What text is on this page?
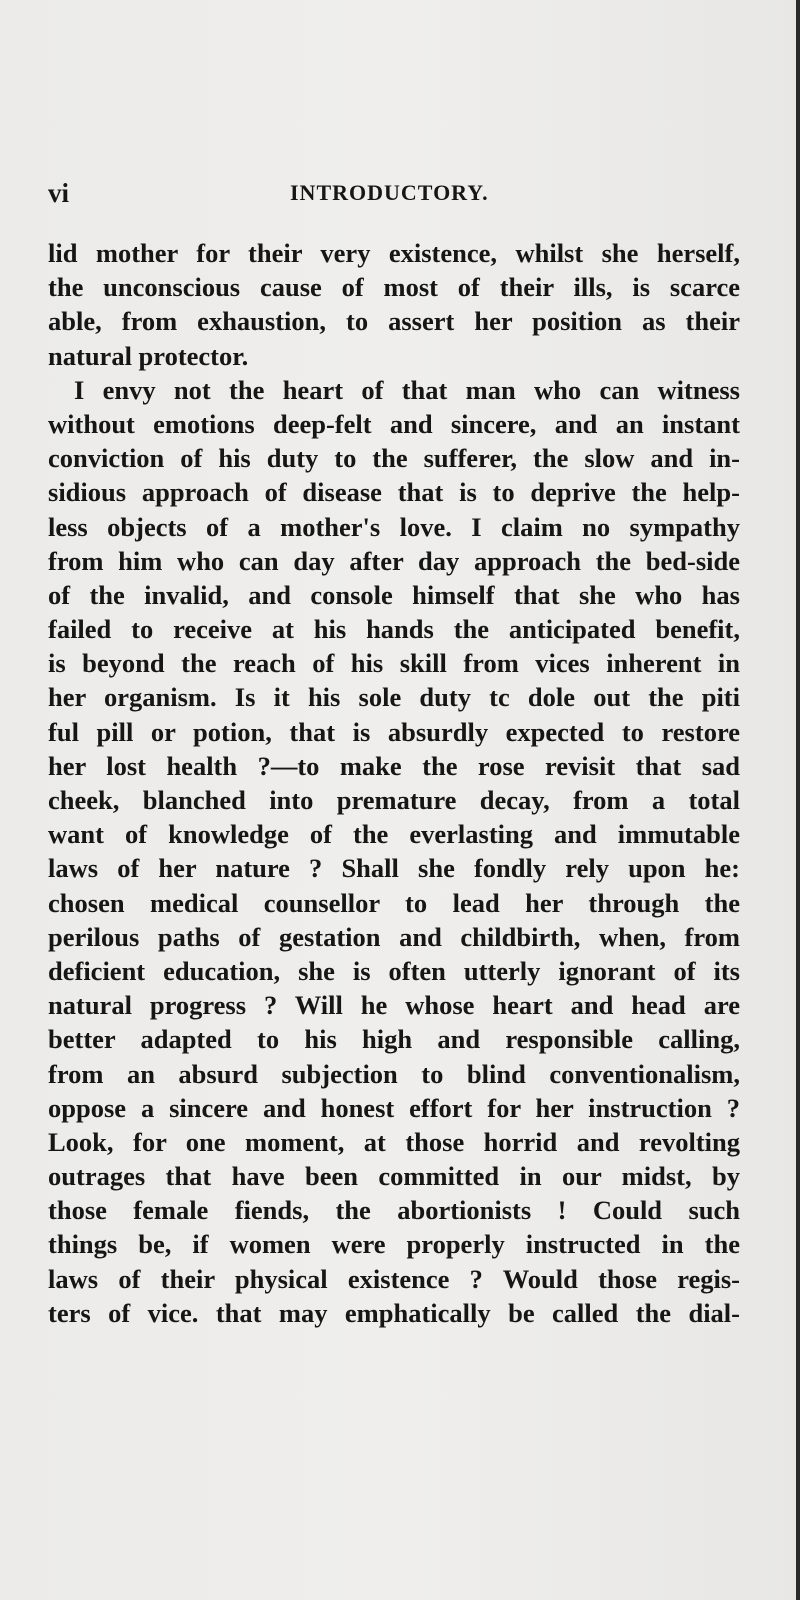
vi	INTRODUCTORY.
lid mother for their very existence, whilst she herself,
the unconscious cause of most of their ills, is scarce
able, from exhaustion, to assert her position as their
natural protector.
I envy not the heart of that man who can witness
without emotions deep-felt and sincere, and an instant
conviction of his duty to the sufferer, the slow and in-
sidious approach of disease that is to deprive the help-
less objects of a mother's love. I claim no sympathy
from him who can day after day approach the bed-side
of the invalid, and console himself that she who has
failed to receive at his hands the anticipated benefit,
is beyond the reach of his skill from vices inherent in
her organism. Is it his sole duty tc dole out the piti
ful pill or potion, that is absurdly expected to restore
her lost health ?—to make the rose revisit that sad
cheek, blanched into premature decay, from a total
want of knowledge of the everlasting and immutable
laws of her nature ? Shall she fondly rely upon he:
chosen medical counsellor to lead her through the
perilous paths of gestation and childbirth, when, from
deficient education, she is often utterly ignorant of its
natural progress ? Will he whose heart and head are
better adapted to his high and responsible calling,
from an absurd subjection to blind conventionalism,
oppose a sincere and honest effort for her instruction ?
Look, for one moment, at those horrid and revolting
outrages that have been committed in our midst, by
those female fiends, the abortionists ! Could such
things be, if women were properly instructed in the
laws of their physical existence ? Would those regis-
ters of vice. that may emphatically be called the dial-
